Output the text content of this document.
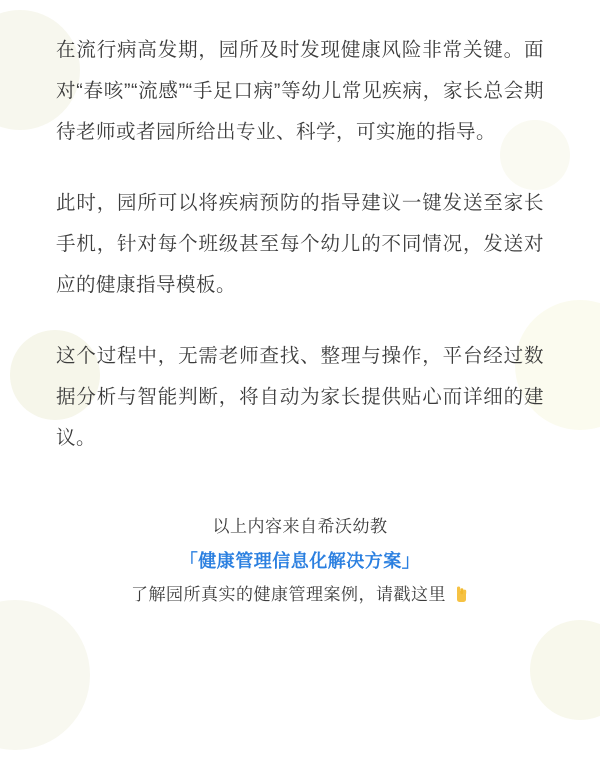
在流行病高发期，园所及时发现健康风险非常关键。面对“春咳”“流感”“手足口病”等幼儿常见疾病，家长总会期待老师或者园所给出专业、科学，可实施的指导。

此时，园所可以将疾病预防的指导建议一键发送至家长手机，针对每个班级甚至每个幼儿的不同情况，发送对应的健康指导模板。

这个过程中，无需老师查找、整理与操作，平台经过数据分析与智能判断，将自动为家长提供贴心而详细的建议。

以上内容来自希沃幼教
「健康管理信息化解决方案」
了解园所真实的健康管理案例，请戳这里
